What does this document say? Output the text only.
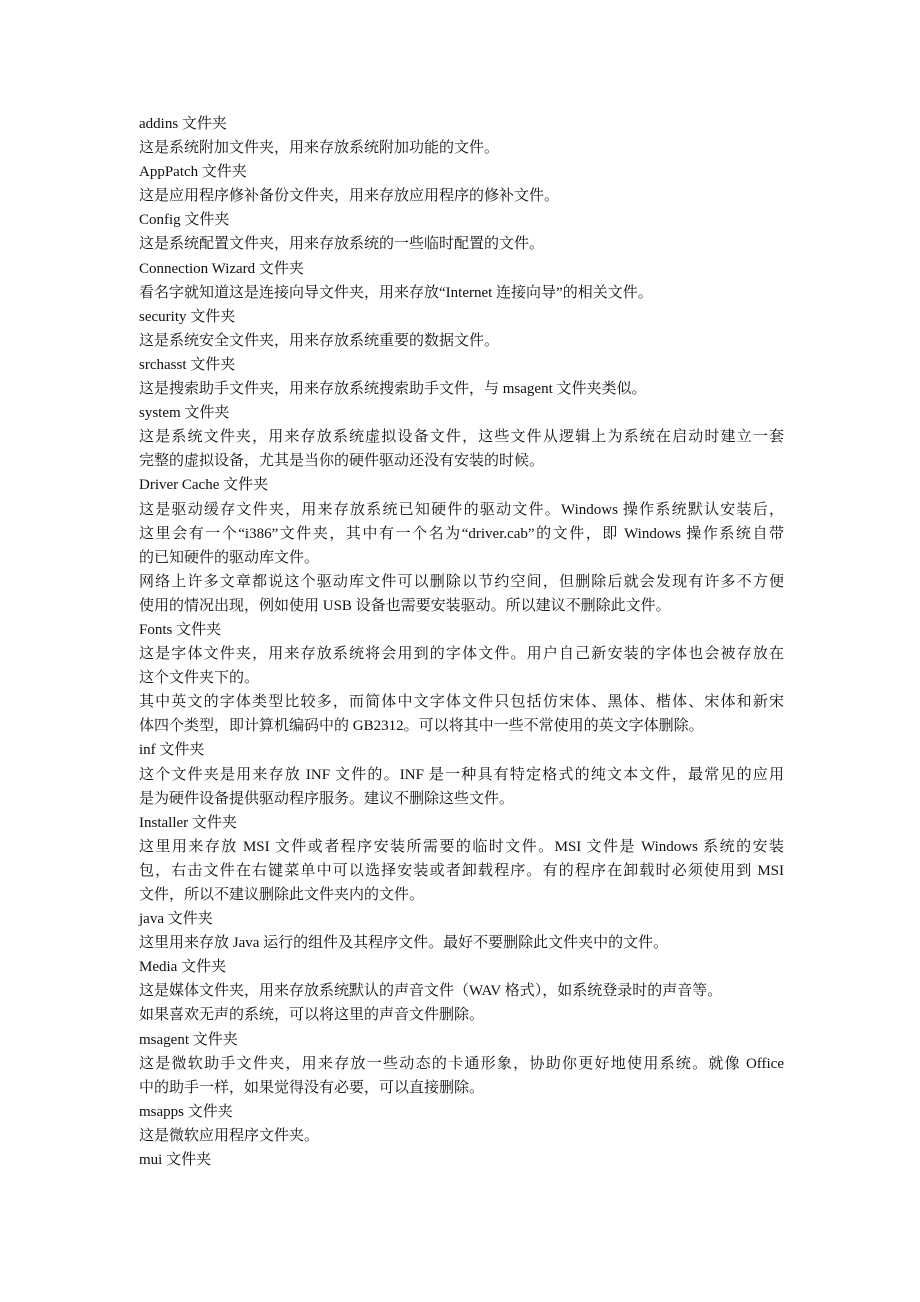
addins 文件夹
这是系统附加文件夹，用来存放系统附加功能的文件。
AppPatch 文件夹
这是应用程序修补备份文件夹，用来存放应用程序的修补文件。
Config 文件夹
这是系统配置文件夹，用来存放系统的一些临时配置的文件。
Connection Wizard 文件夹
看名字就知道这是连接向导文件夹，用来存放“Internet 连接向导”的相关文件。
security 文件夹
这是系统安全文件夹，用来存放系统重要的数据文件。
srchasst 文件夹
这是搜索助手文件夹，用来存放系统搜索助手文件，与 msagent 文件夹类似。
system 文件夹
这是系统文件夹，用来存放系统虚拟设备文件，这些文件从逻辑上为系统在启动时建立一套
完整的虚拟设备，尤其是当你的硬件驱动还没有安装的时候。
Driver Cache 文件夹
这是驱动缓存文件夹，用来存放系统已知硬件的驱动文件。Windows 操作系统默认安装后，
这里会有一个“i386”文件夹，其中有一个名为“driver.cab”的文件，即 Windows 操作系统自带
的已知硬件的驱动库文件。
网络上许多文章都说这个驱动库文件可以删除以节约空间，但删除后就会发现有许多不方便
使用的情况出现，例如使用 USB 设备也需要安装驱动。所以建议不删除此文件。
Fonts 文件夹
这是字体文件夹，用来存放系统将会用到的字体文件。用户自己新安装的字体也会被存放在
这个文件夹下的。
其中英文的字体类型比较多，而简体中文字体文件只包括仿宋体、黑体、楷体、宋体和新宋
体四个类型，即计算机编码中的 GB2312。可以将其中一些不常使用的英文字体删除。
inf 文件夹
这个文件夹是用来存放 INF 文件的。INF 是一种具有特定格式的纯文本文件，最常见的应用
是为硬件设备提供驱动程序服务。建议不删除这些文件。
Installer 文件夹
这里用来存放 MSI 文件或者程序安装所需要的临时文件。MSI 文件是 Windows 系统的安装
包，右击文件在右键菜单中可以选择安装或者卸载程序。有的程序在卸载时必须使用到 MSI
文件，所以不建议删除此文件夹内的文件。
java 文件夹
这里用来存放 Java 运行的组件及其程序文件。最好不要删除此文件夹中的文件。
Media 文件夹
这是媒体文件夹，用来存放系统默认的声音文件（WAV 格式），如系统登录时的声音等。
如果喜欢无声的系统，可以将这里的声音文件删除。
msagent 文件夹
这是微软助手文件夹，用来存放一些动态的卡通形象，协助你更好地使用系统。就像 Office
中的助手一样，如果觉得没有必要，可以直接删除。
msapps 文件夹
这是微软应用程序文件夹。
mui 文件夹
